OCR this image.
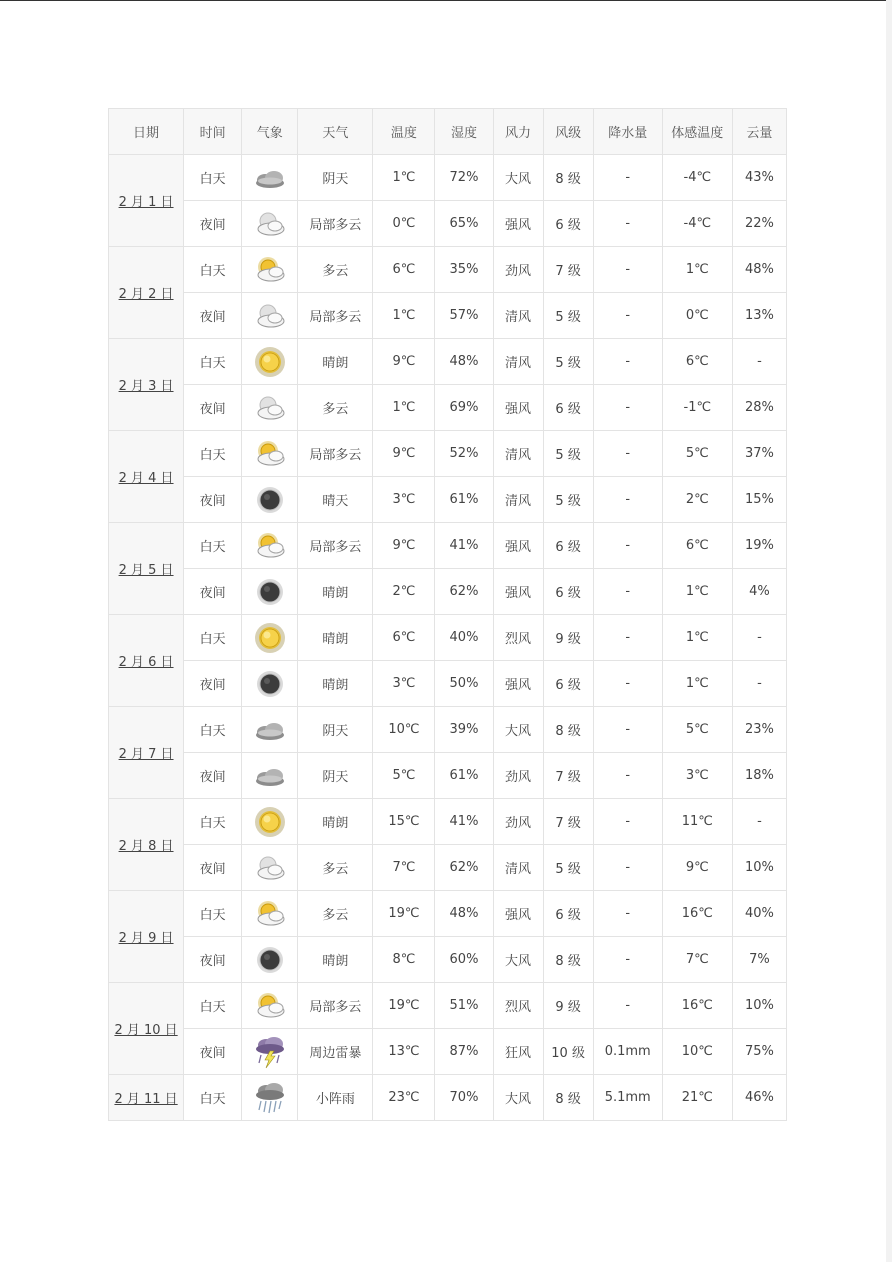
日期	时间	气象	天气	温度	湿度	风力	风级	降水量	体感温度	云量
2 月 1 日	白天		阴天	1℃	72%	大风	8 级	-	-4℃	43%
	夜间		局部多云	0℃	65%	强风	6 级	-	-4℃	22%
2 月 2 日	白天		多云	6℃	35%	劲风	7 级	-	1℃	48%
	夜间		局部多云	1℃	57%	清风	5 级	-	0℃	13%
2 月 3 日	白天		晴朗	9℃	48%	清风	5 级	-	6℃	-
	夜间		多云	1℃	69%	强风	6 级	-	-1℃	28%
2 月 4 日	白天		局部多云	9℃	52%	清风	5 级	-	5℃	37%
	夜间		晴天	3℃	61%	清风	5 级	-	2℃	15%
2 月 5 日	白天		局部多云	9℃	41%	强风	6 级	-	6℃	19%
	夜间		晴朗	2℃	62%	强风	6 级	-	1℃	4%
2 月 6 日	白天		晴朗	6℃	40%	烈风	9 级	-	1℃	-
	夜间		晴朗	3℃	50%	强风	6 级	-	1℃	-
2 月 7 日	白天		阴天	10℃	39%	大风	8 级	-	5℃	23%
	夜间		阴天	5℃	61%	劲风	7 级	-	3℃	18%
2 月 8 日	白天		晴朗	15℃	41%	劲风	7 级	-	11℃	-
	夜间		多云	7℃	62%	清风	5 级	-	9℃	10%
2 月 9 日	白天		多云	19℃	48%	强风	6 级	-	16℃	40%
	夜间		晴朗	8℃	60%	大风	8 级	-	7℃	7%
2 月 10 日	白天		局部多云	19℃	51%	烈风	9 级	-	16℃	10%
	夜间		周边雷暴	13℃	87%	狂风	10 级	0.1mm	10℃	75%
2 月 11 日	白天		小阵雨	23℃	70%	大风	8 级	5.1mm	21℃	46%
